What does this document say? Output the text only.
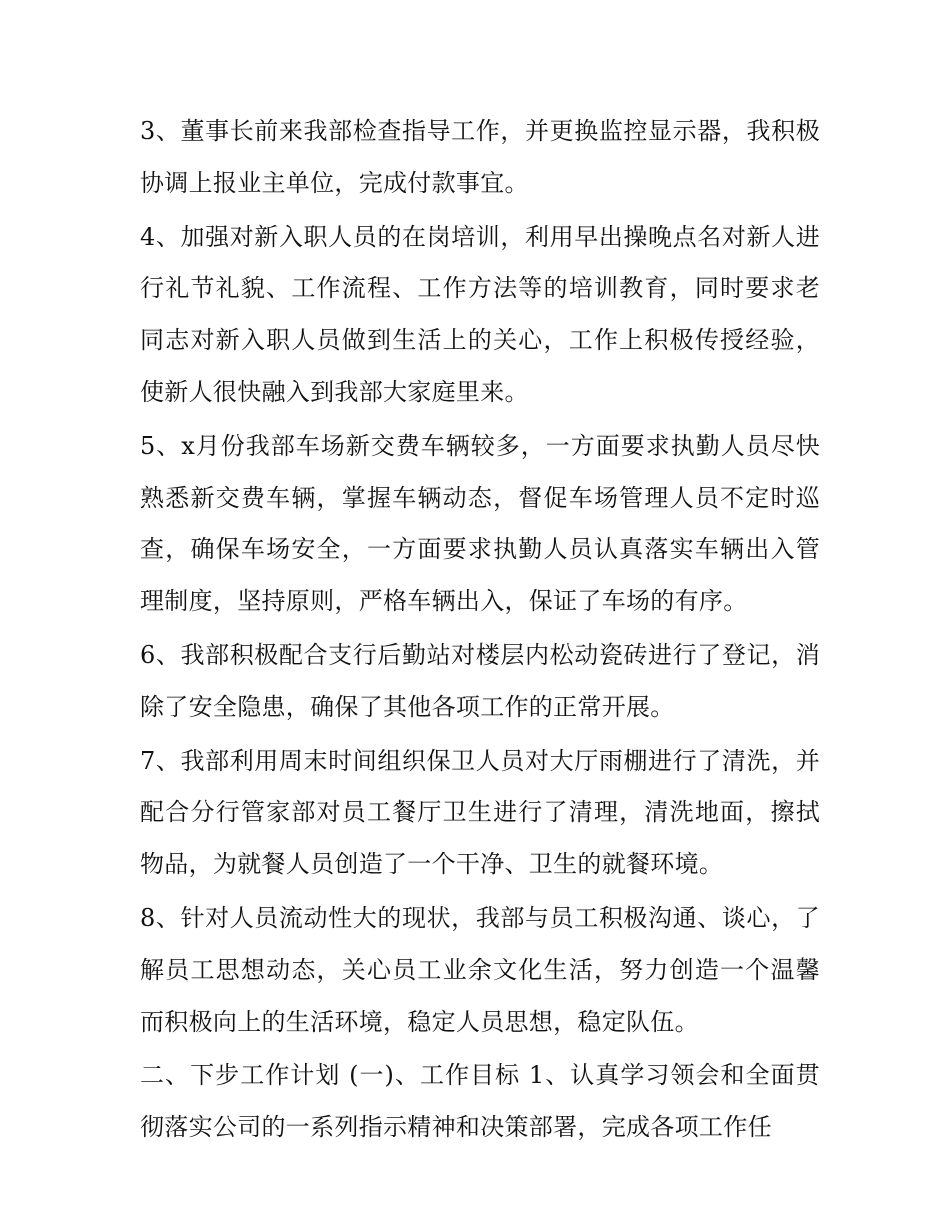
3、董事长前来我部检查指导工作，并更换监控显示器，我积极协调上报业主单位，完成付款事宜。

4、加强对新入职人员的在岗培训，利用早出操晚点名对新人进行礼节礼貌、工作流程、工作方法等的培训教育，同时要求老同志对新入职人员做到生活上的关心，工作上积极传授经验，使新人很快融入到我部大家庭里来。

5、x月份我部车场新交费车辆较多，一方面要求执勤人员尽快熟悉新交费车辆，掌握车辆动态，督促车场管理人员不定时巡查，确保车场安全，一方面要求执勤人员认真落实车辆出入管理制度，坚持原则，严格车辆出入，保证了车场的有序。

6、我部积极配合支行后勤站对楼层内松动瓷砖进行了登记，消除了安全隐患，确保了其他各项工作的正常开展。

7、我部利用周末时间组织保卫人员对大厅雨棚进行了清洗，并配合分行管家部对员工餐厅卫生进行了清理，清洗地面，擦拭物品，为就餐人员创造了一个干净、卫生的就餐环境。

8、针对人员流动性大的现状，我部与员工积极沟通、谈心，了解员工思想动态，关心员工业余文化生活，努力创造一个温馨而积极向上的生活环境，稳定人员思想，稳定队伍。

二、下步工作计划 (一)、工作目标 1、认真学习领会和全面贯彻落实公司的一系列指示精神和决策部署，完成各项工作任
